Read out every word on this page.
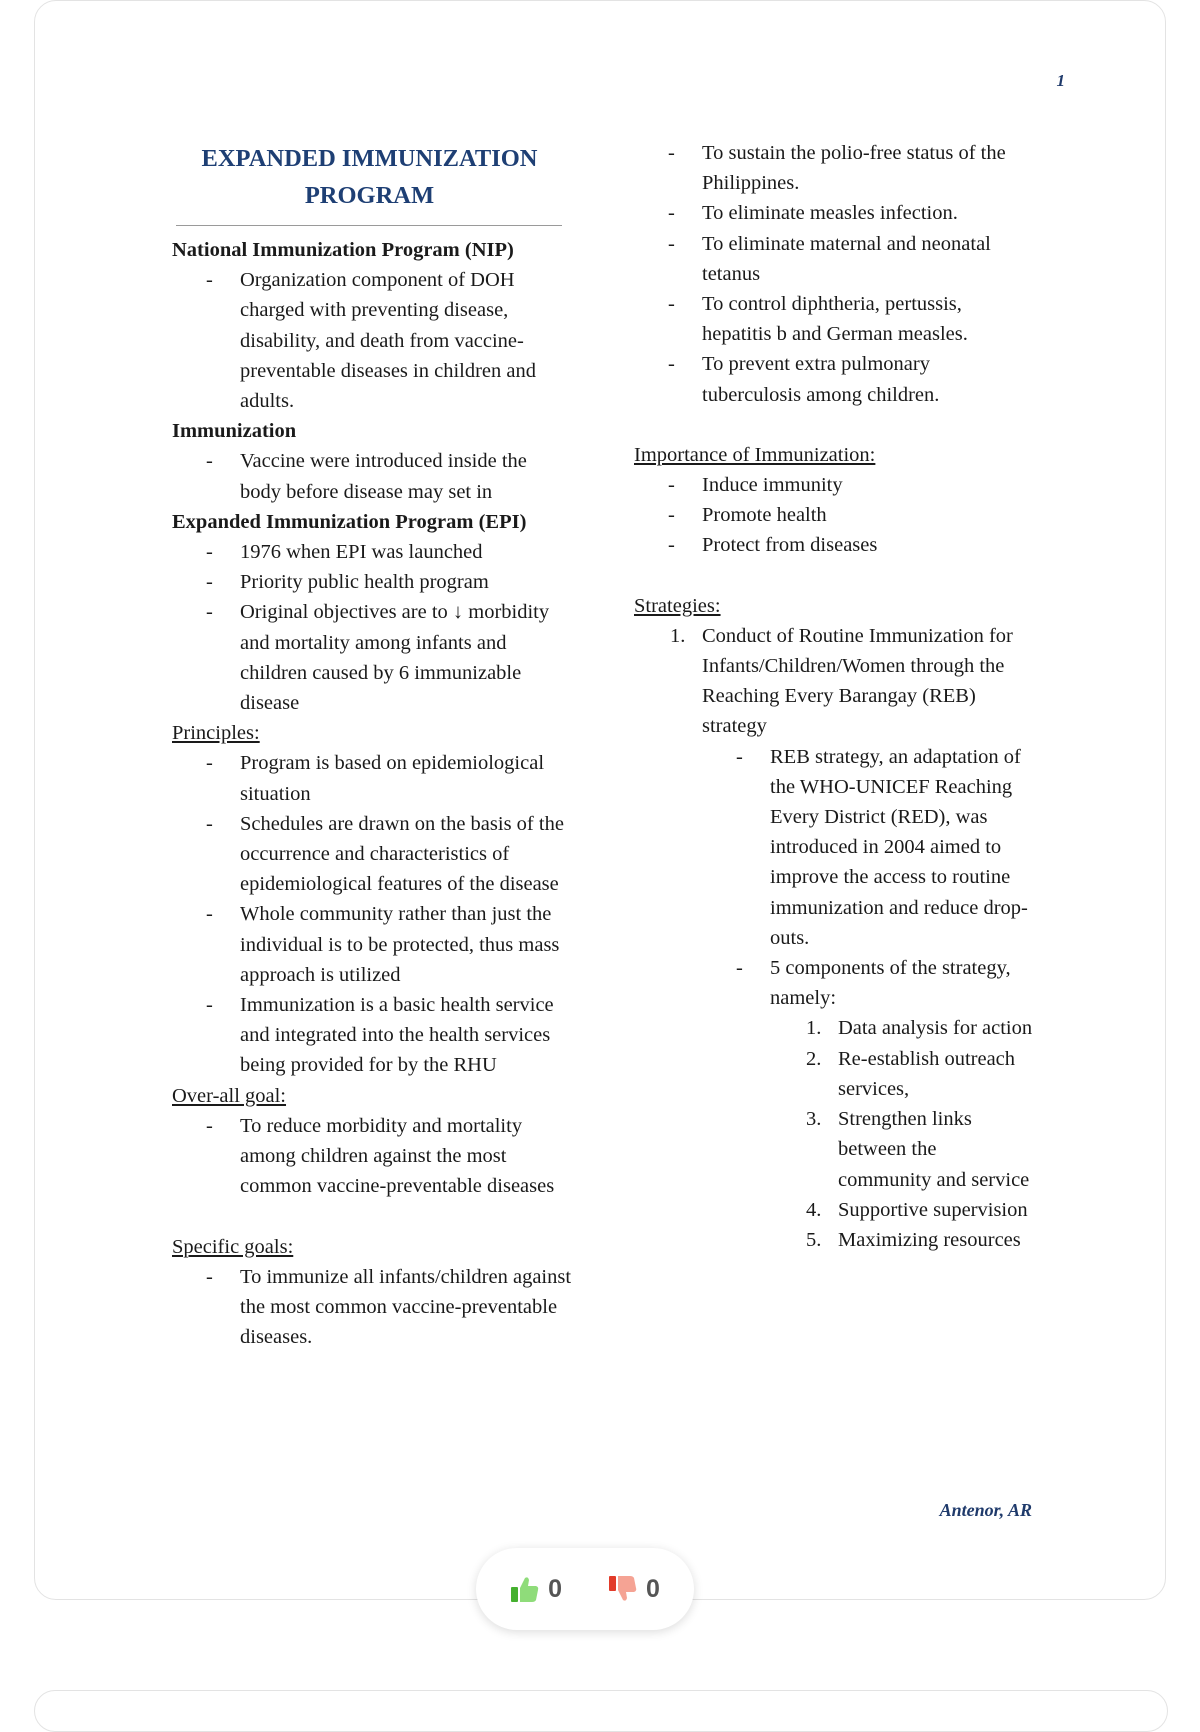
1
EXPANDED IMMUNIZATION
PROGRAM
National Immunization Program (NIP)
-	Organization component of DOH charged with preventing disease, disability, and death from vaccine-preventable diseases in children and adults.
Immunization
-	Vaccine were introduced inside the body before disease may set in
Expanded Immunization Program (EPI)
-	1976 when EPI was launched
-	Priority public health program
-	Original objectives are to ↓ morbidity and mortality among infants and children caused by 6 immunizable disease
Principles:
-	Program is based on epidemiological situation
-	Schedules are drawn on the basis of the occurrence and characteristics of epidemiological features of the disease
-	Whole community rather than just the individual is to be protected, thus mass approach is utilized
-	Immunization is a basic health service and integrated into the health services being provided for by the RHU
Over-all goal:
-	To reduce morbidity and mortality among children against the most common vaccine-preventable diseases
Specific goals:
-	To immunize all infants/children against the most common vaccine-preventable diseases.
-	To sustain the polio-free status of the Philippines.
-	To eliminate measles infection.
-	To eliminate maternal and neonatal tetanus
-	To control diphtheria, pertussis, hepatitis b and German measles.
-	To prevent extra pulmonary tuberculosis among children.
Importance of Immunization:
-	Induce immunity
-	Promote health
-	Protect from diseases
Strategies:
1. Conduct of Routine Immunization for Infants/Children/Women through the Reaching Every Barangay (REB) strategy
-	REB strategy, an adaptation of the WHO-UNICEF Reaching Every District (RED), was introduced in 2004 aimed to improve the access to routine immunization and reduce drop-outs.
-	5 components of the strategy, namely:
1. Data analysis for action
2. Re-establish outreach services,
3. Strengthen links between the community and service
4. Supportive supervision
5. Maximizing resources
Antenor, AR
0	0
